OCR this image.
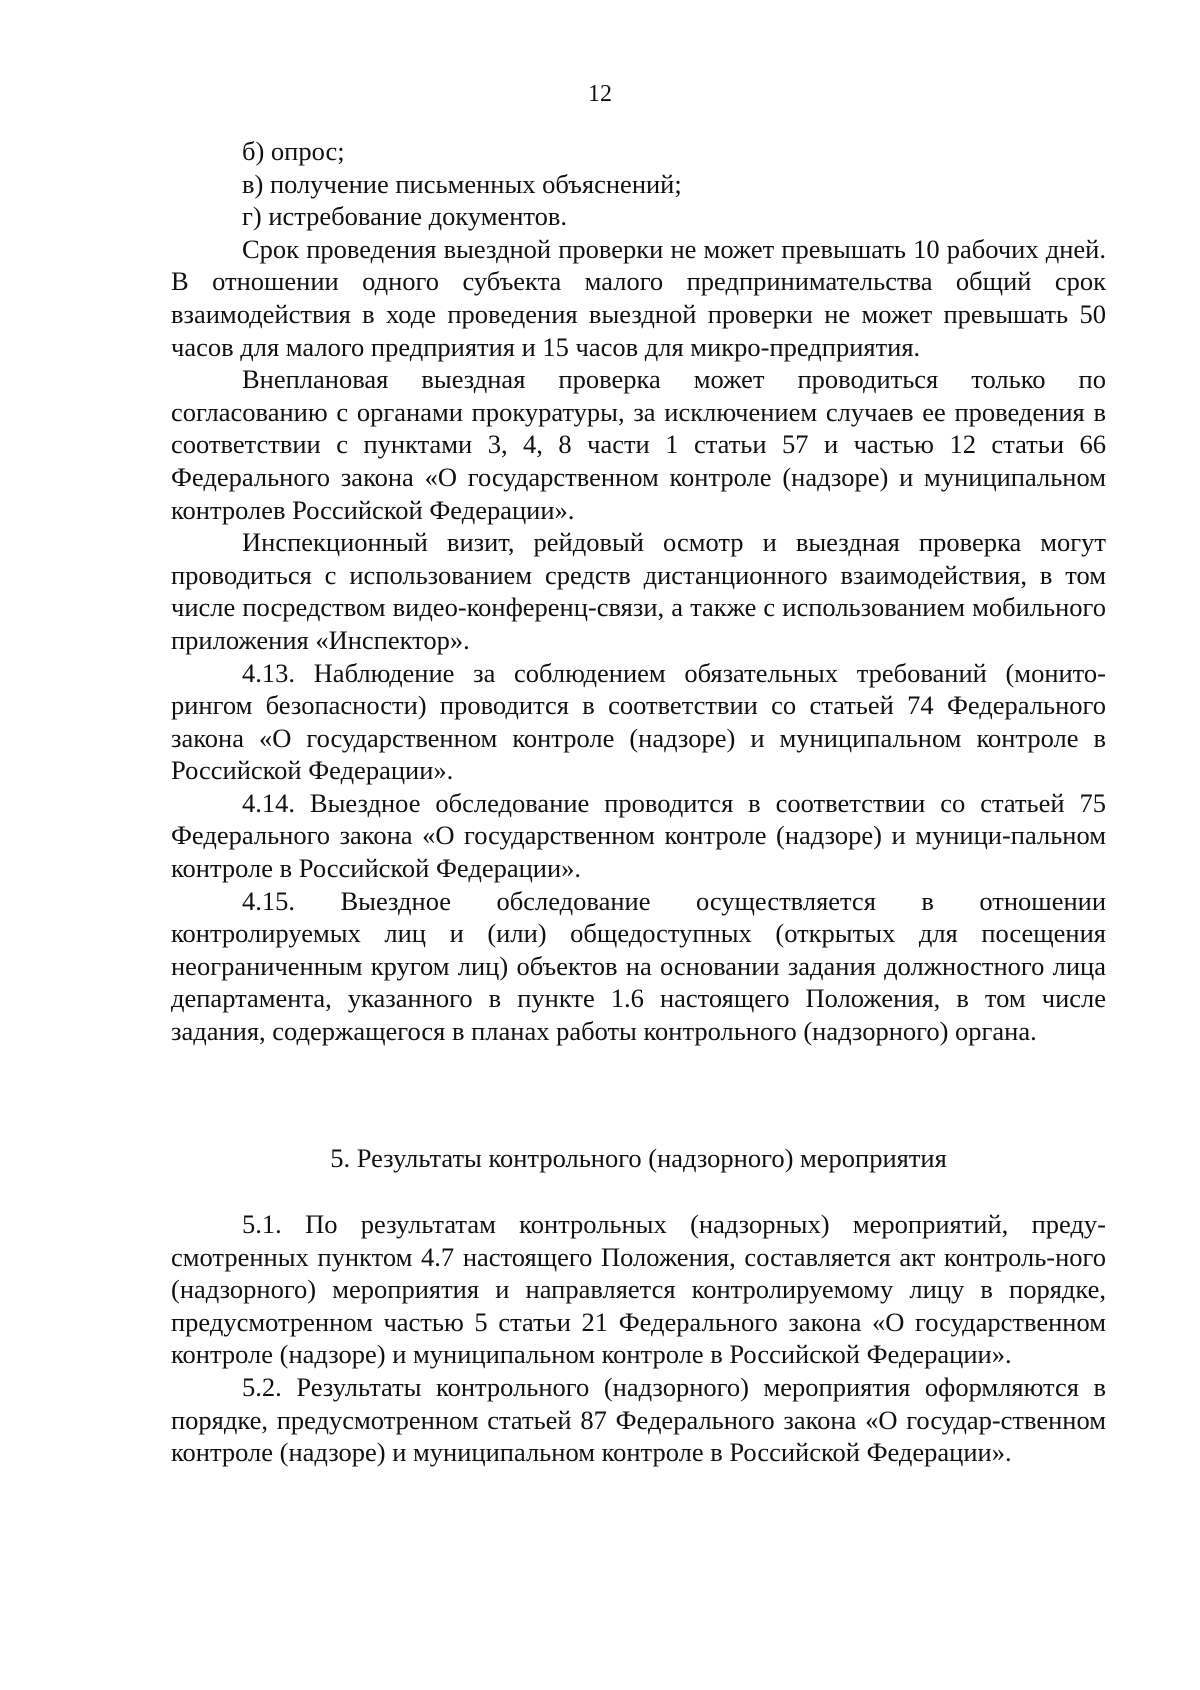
12

б) опрос;

в) получение письменных объяснений;

г) истребование документов.

Срок проведения выездной проверки не может превышать 10 рабочих дней. В отношении одного субъекта малого предпринимательства общий срок взаимодействия в ходе проведения выездной проверки не может превышать 50 часов для малого предприятия и 15 часов для микро-предприятия.

Внеплановая выездная проверка может проводиться только по согласованию с органами прокуратуры, за исключением случаев ее проведения в соответствии с пунктами 3, 4, 8 части 1 статьи 57 и частью 12 статьи 66 Федерального закона «О государственном контроле (надзоре) и муниципальном контролев Российской Федерации».

Инспекционный визит, рейдовый осмотр и выездная проверка могут проводиться с использованием средств дистанционного взаимодействия, в том числе посредством видео-конференц-связи, а также с использованием мобильного приложения «Инспектор».

4.13. Наблюдение за соблюдением обязательных требований (монито-рингом безопасности) проводится в соответствии со статьей 74 Федерального закона «О государственном контроле (надзоре) и муниципальном контроле в Российской Федерации».

4.14. Выездное обследование проводится в соответствии со статьей 75 Федерального закона «О государственном контроле (надзоре) и муници-пальном контроле в Российской Федерации».

4.15. Выездное обследование осуществляется в отношении контролируемых лиц и (или) общедоступных (открытых для посещения неограниченным кругом лиц) объектов на основании задания должностного лица департамента, указанного в пункте 1.6 настоящего Положения, в том числе задания, содержащегося в планах работы контрольного (надзорного) органа.

5. Результаты контрольного (надзорного) мероприятия

5.1. По результатам контрольных (надзорных) мероприятий, преду-смотренных пунктом 4.7 настоящего Положения, составляется акт контроль-ного (надзорного) мероприятия и направляется контролируемому лицу в порядке, предусмотренном частью 5 статьи 21 Федерального закона «О государственном контроле (надзоре) и муниципальном контроле в Российской Федерации».

5.2. Результаты контрольного (надзорного) мероприятия оформляются в порядке, предусмотренном статьей 87 Федерального закона «О государ-ственном контроле (надзоре) и муниципальном контроле в Российской Федерации».
